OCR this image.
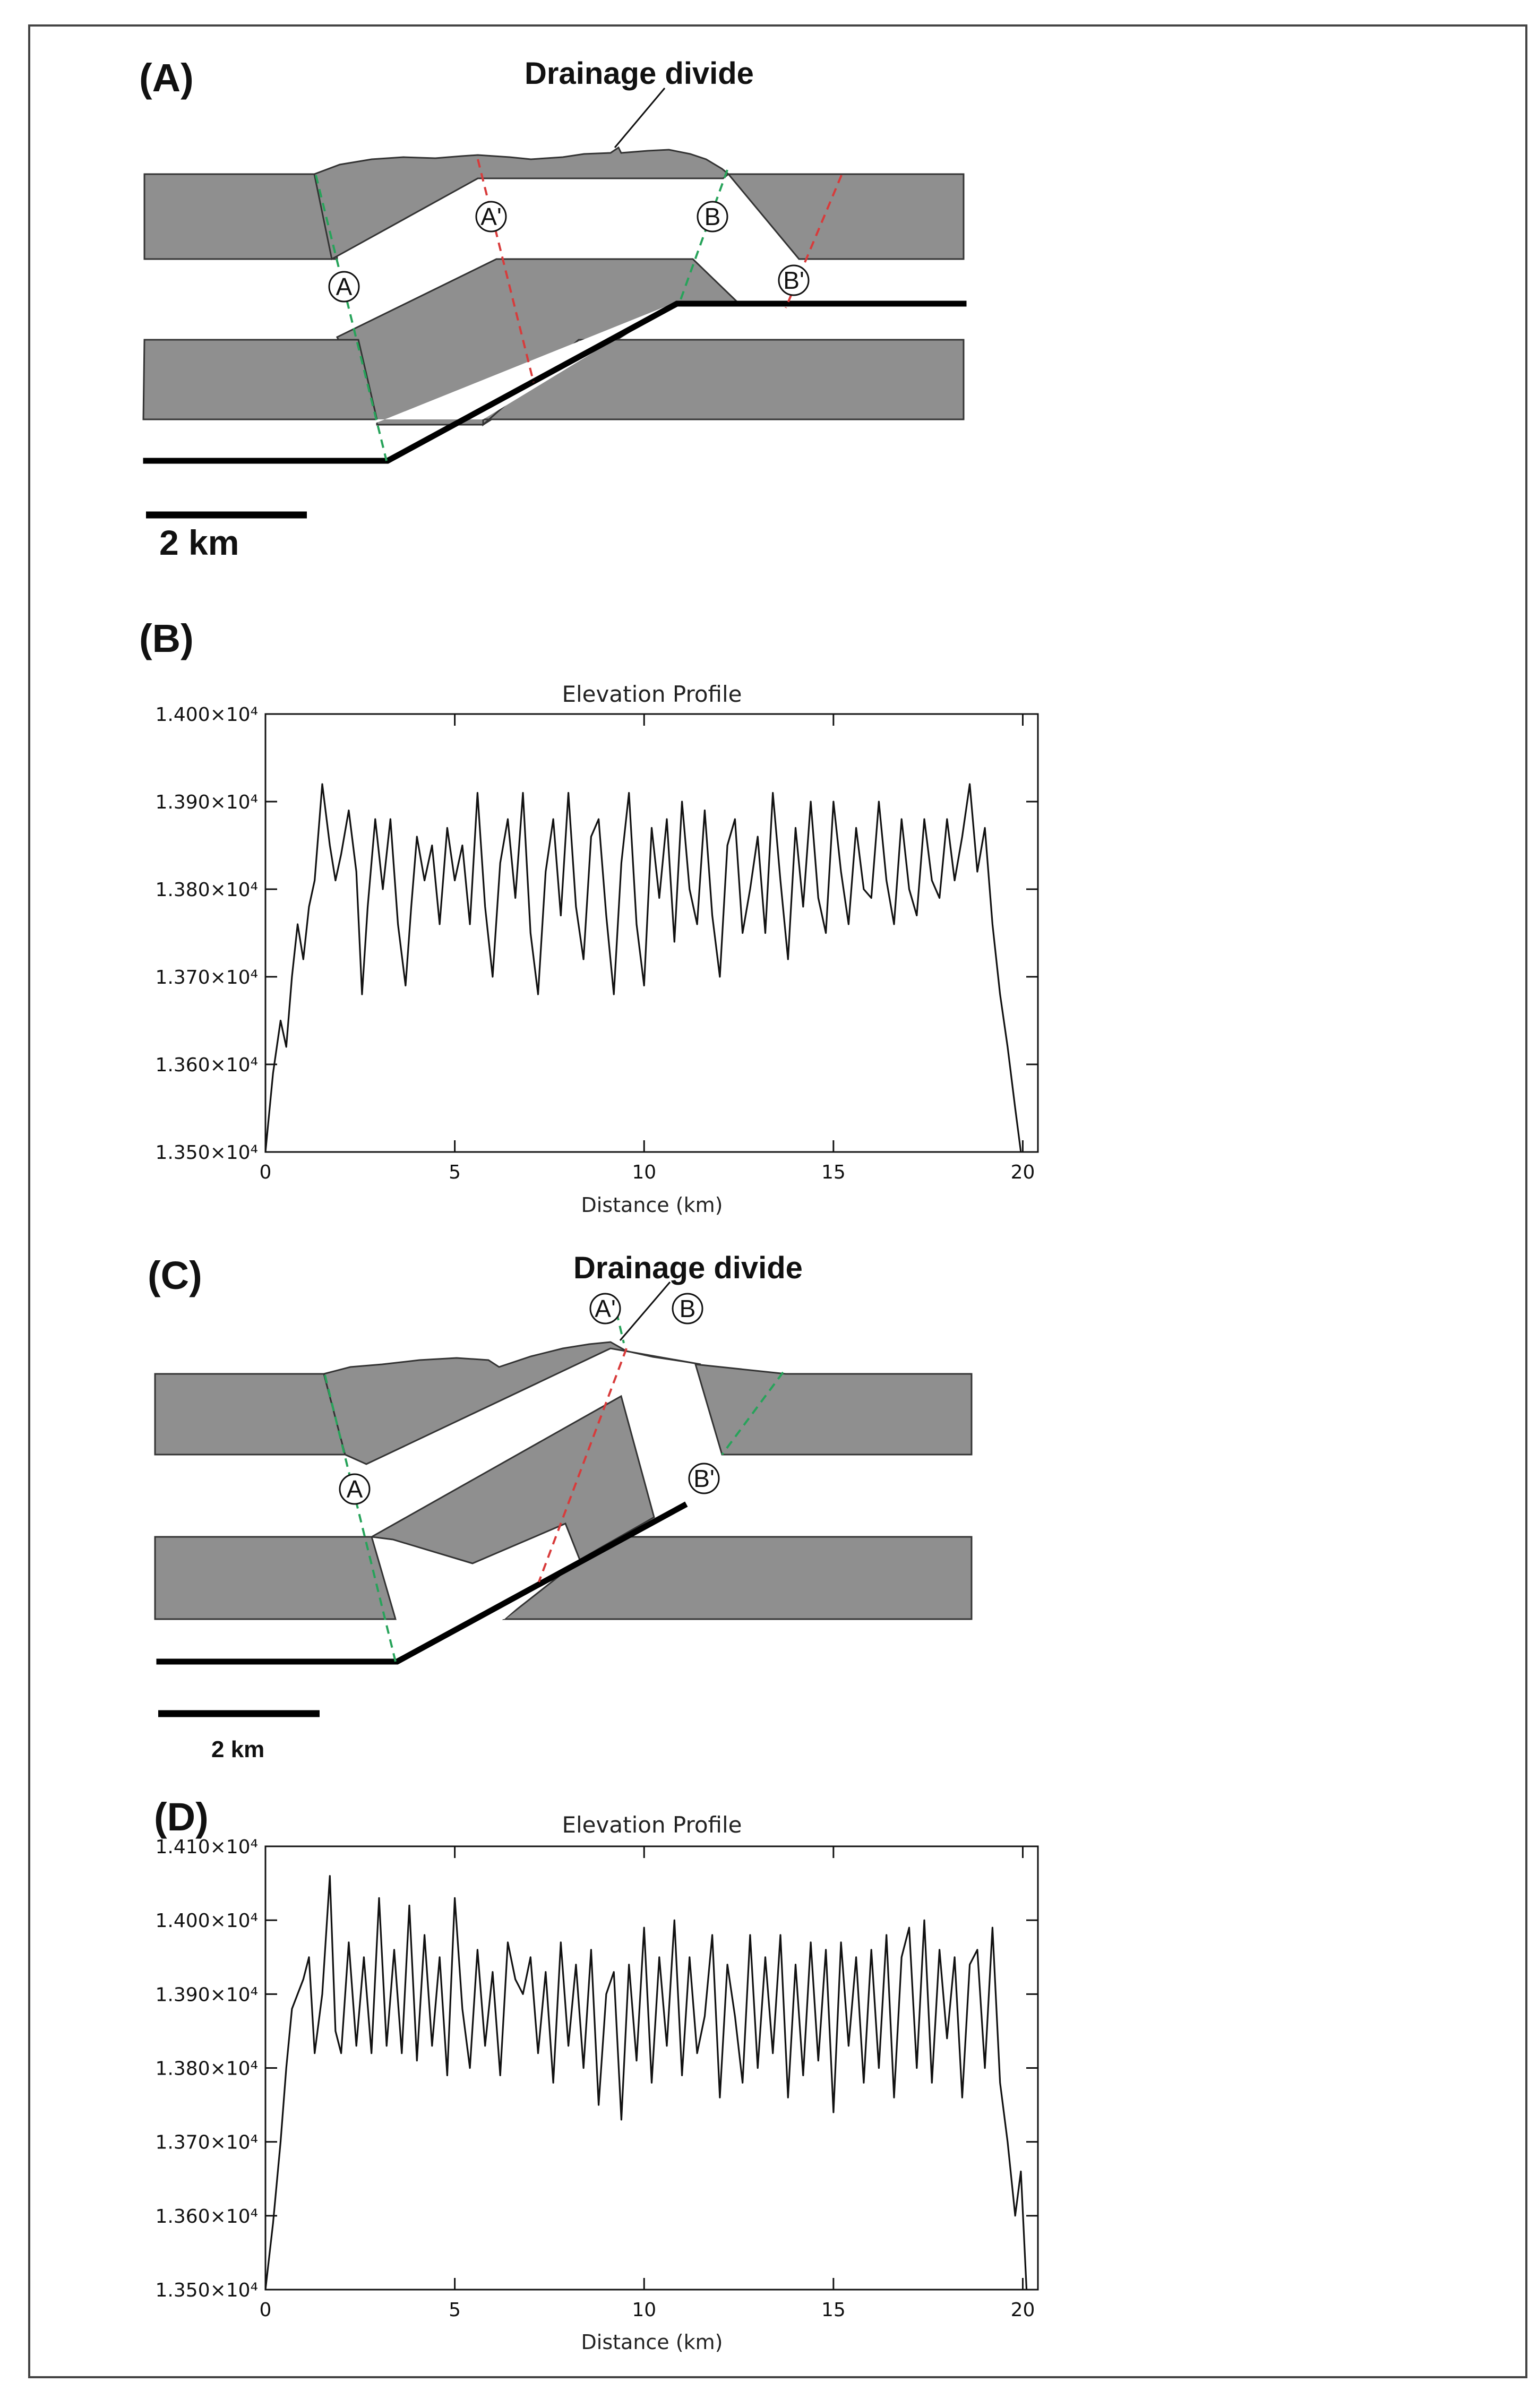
(A)
A
A'	B
B'
Drainage divide
2 km
(B)
Elevation Profile
1.350×10⁴
1.360×10⁴
1.370×10⁴
1.380×10⁴
1.390×10⁴
1.400×10⁴
0	5	10	15	20
Distance (km)
(C)
A
A'	B
B'
Drainage divide
2 km
(D)	Elevation Profile
1.350×10⁴
1.360×10⁴
1.370×10⁴
1.380×10⁴
1.390×10⁴
1.400×10⁴
1.410×10⁴
0	5	10	15	20
Distance (km)
